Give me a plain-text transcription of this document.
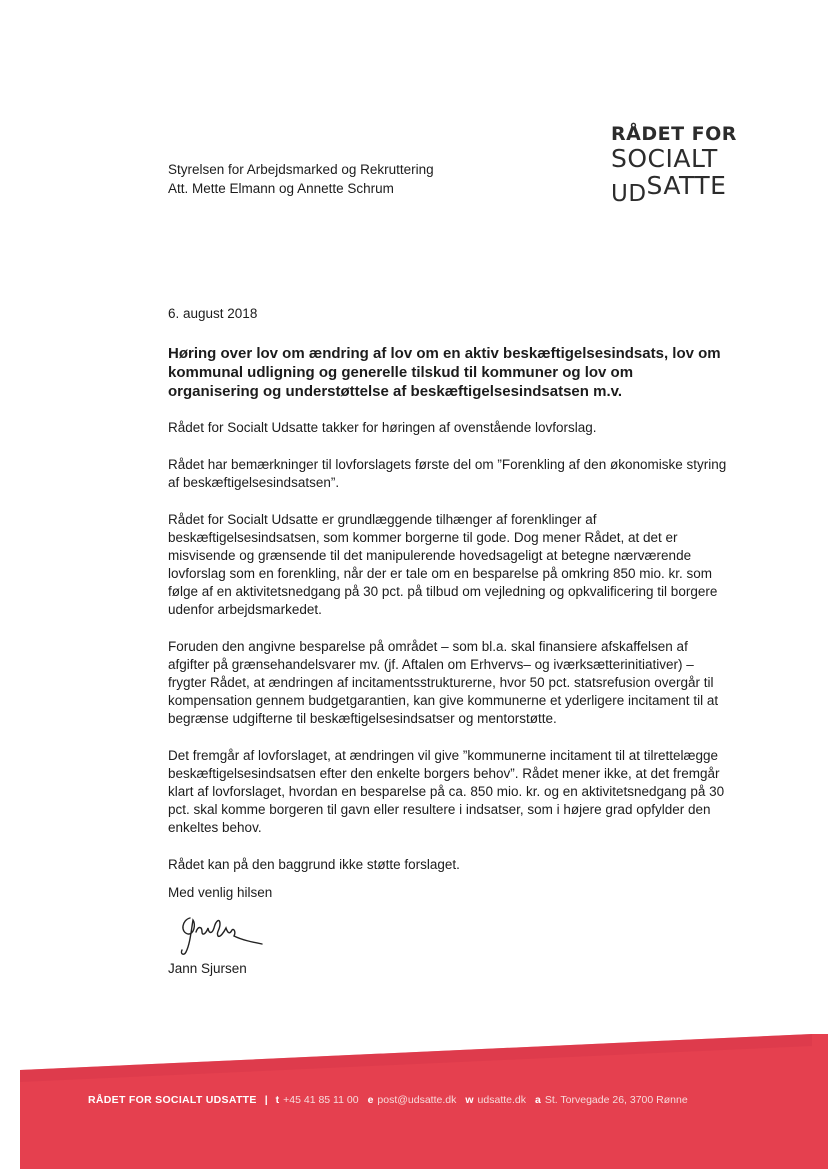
RÅDET FOR
SOCIALT
UDSATTE
Styrelsen for Arbejdsmarked og Rekruttering
Att. Mette Elmann og Annette Schrum
6. august 2018
Høring over lov om ændring af lov om en aktiv beskæftigelsesindsats, lov om kommunal udligning og generelle tilskud til kommuner og lov om organisering og understøttelse af beskæftigelsesindsatsen m.v.

Rådet for Socialt Udsatte takker for høringen af ovenstående lovforslag.

Rådet har bemærkninger til lovforslagets første del om ”Forenkling af den økonomiske styring af beskæftigelsesindsatsen”.

Rådet for Socialt Udsatte er grundlæggende tilhænger af forenklinger af beskæftigelsesindsatsen, som kommer borgerne til gode. Dog mener Rådet, at det er misvisende og grænsende til det manipulerende hovedsageligt at betegne nærværende lovforslag som en forenkling, når der er tale om en besparelse på omkring 850 mio. kr. som følge af en aktivitetsnedgang på 30 pct. på tilbud om vejledning og opkvalificering til borgere udenfor arbejdsmarkedet.

Foruden den angivne besparelse på området – som bl.a. skal finansiere afskaffelsen af afgifter på grænsehandelsvarer mv. (jf. Aftalen om Erhvervs– og iværksætterinitiativer) – frygter Rådet, at ændringen af incitamentsstrukturerne, hvor 50 pct. statsrefusion overgår til kompensation gennem budgetgarantien, kan give kommunerne et yderligere incitament til at begrænse udgifterne til beskæftigelsesindsatser og mentorstøtte.

Det fremgår af lovforslaget, at ændringen vil give ”kommunerne incitament til at tilrettelægge beskæftigelsesindsatsen efter den enkelte borgers behov”. Rådet mener ikke, at det fremgår klart af lovforslaget, hvordan en besparelse på ca. 850 mio. kr. og en aktivitetsnedgang på 30 pct. skal komme borgeren til gavn eller resultere i indsatser, som i højere grad opfylder den enkeltes behov.

Rådet kan på den baggrund ikke støtte forslaget.

Med venlig hilsen
Jann Sjursen
RÅDET FOR SOCIALT UDSATTE | t +45 41 85 11 00 e post@udsatte.dk w udsatte.dk a St. Torvegade 26, 3700 Rønne
